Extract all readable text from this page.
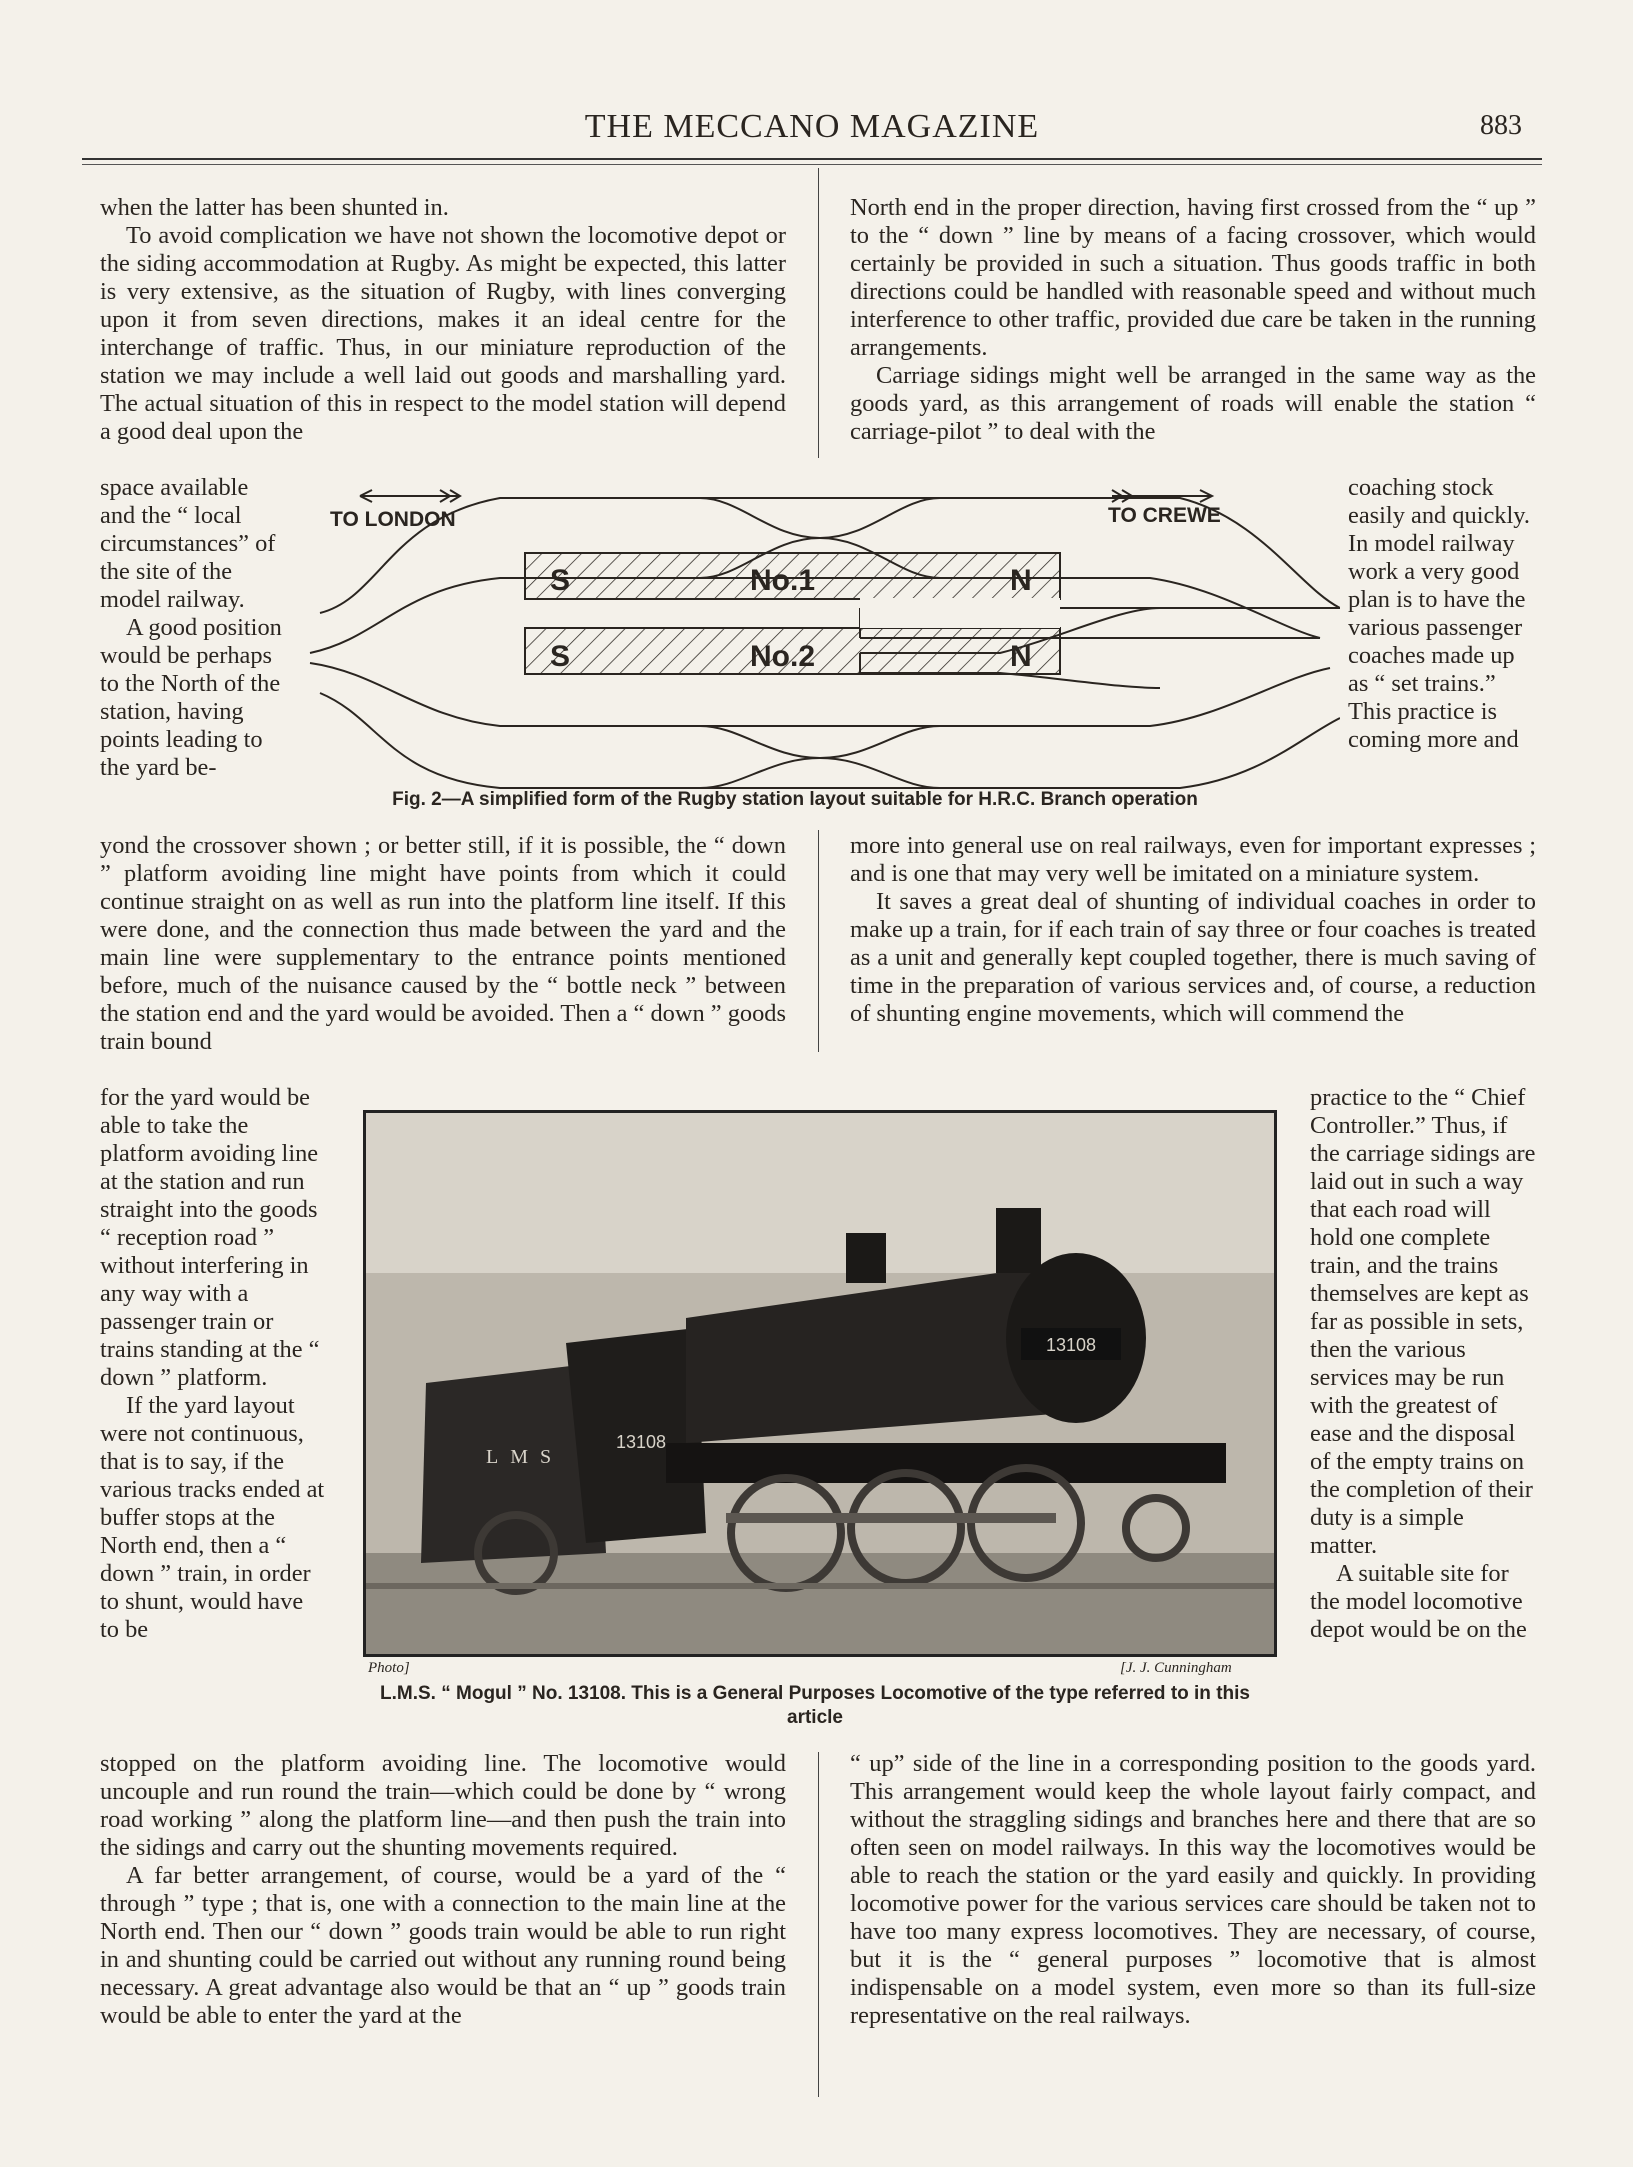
THE MECCANO MAGAZINE	883

when the latter has been shunted in.

To avoid complication we have not shown the locomotive depot or the siding accommodation at Rugby. As might be expected, this latter is very extensive, as the situation of Rugby, with lines converging upon it from seven directions, makes it an ideal centre for the interchange of traffic. Thus, in our miniature reproduction of the station we may include a well laid out goods and marshalling yard. The actual situation of this in respect to the model station will depend a good deal upon the

North end in the proper direction, having first crossed from the “ up ” to the “ down ” line by means of a facing crossover, which would certainly be provided in such a situation. Thus goods traffic in both directions could be handled with reasonable speed and without much interference to other traffic, provided due care be taken in the running arrangements.

Carriage sidings might well be arranged in the same way as the goods yard, as this arrangement of roads will enable the station “ carriage-pilot ” to deal with the

space available and the “ local circumstances” of the site of the model railway.

A good position would be perhaps to the North of the station, having points leading to the yard be-

coaching stock easily and quickly. In model railway work a very good plan is to have the various passenger coaches made up as “ set trains.” This practice is coming more and

TO LONDON	TO CREWE
No.1
No.2
S
S
N
N
Fig. 2—A simplified form of the Rugby station layout suitable for H.R.C. Branch operation

yond the crossover shown ; or better still, if it is possible, the “ down ” platform avoiding line might have points from which it could continue straight on as well as run into the platform line itself. If this were done, and the connection thus made between the yard and the main line were supplementary to the entrance points mentioned before, much of the nuisance caused by the “ bottle neck ” between the station end and the yard would be avoided. Then a “ down ” goods train bound

more into general use on real railways, even for important expresses ; and is one that may very well be imitated on a miniature system.

It saves a great deal of shunting of individual coaches in order to make up a train, for if each train of say three or four coaches is treated as a unit and generally kept coupled together, there is much saving of time in the preparation of various services and, of course, a reduction of shunting engine movements, which will commend the

for the yard would be able to take the platform avoiding line at the station and run straight into the goods “ reception road ” without interfering in any way with a passenger train or trains standing at the “ down ” platform.

If the yard layout were not continuous, that is to say, if the various tracks ended at buffer stops at the North end, then a “ down ” train, in order to shunt, would have to be

practice to the “ Chief Controller.” Thus, if the carriage sidings are laid out in such a way that each road will hold one complete train, and the trains themselves are kept as far as possible in sets, then the various services may be run with the greatest of ease and the disposal of the empty trains on the completion of their duty is a simple matter.

A suitable site for the model locomotive depot would be on the

13108
13108
LMS
Photo]	[J. J. Cunningham
L.M.S. “ Mogul ” No. 13108. This is a General Purposes Locomotive of the type referred to in this article

stopped on the platform avoiding line. The locomotive would uncouple and run round the train—which could be done by “ wrong road working ” along the platform line—and then push the train into the sidings and carry out the shunting movements required.

A far better arrangement, of course, would be a yard of the “ through ” type ; that is, one with a connection to the main line at the North end. Then our “ down ” goods train would be able to run right in and shunting could be carried out without any running round being necessary. A great advantage also would be that an “ up ” goods train would be able to enter the yard at the

“ up” side of the line in a corresponding position to the goods yard. This arrangement would keep the whole layout fairly compact, and without the straggling sidings and branches here and there that are so often seen on model railways. In this way the locomotives would be able to reach the station or the yard easily and quickly. In providing locomotive power for the various services care should be taken not to have too many express locomotives. They are necessary, of course, but it is the “ general purposes ” locomotive that is almost indispensable on a model system, even more so than its full-size representative on the real railways.
